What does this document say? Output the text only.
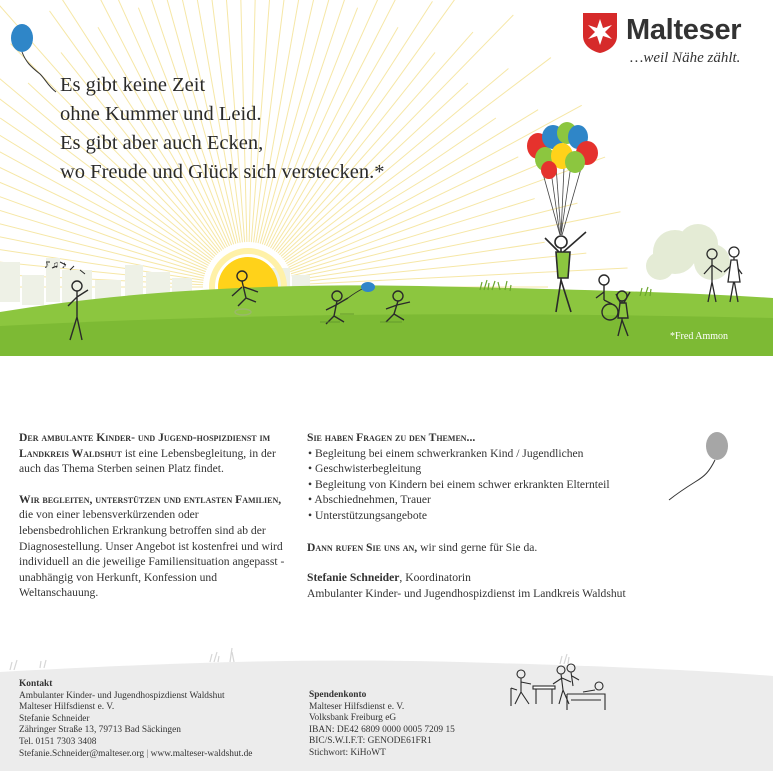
♪ ♫ ♪
Malteser
…weil Nähe zählt.
Es gibt keine Zeit
ohne Kummer und Leid.
Es gibt aber auch Ecken,
wo Freude und Glück sich verstecken.*
*Fred Ammon

Der ambulante Kinder- und Jugend-hospizdienst im Landkreis Waldshut ist eine Lebensbegleitung, in der auch das Thema Sterben seinen Platz findet.

Wir begleiten, unterstützen und entlasten Familien, die von einer lebensverkürzenden oder lebensbedrohlichen Erkrankung betroffen sind ab der Diagnosestellung. Unser Angebot ist kostenfrei und wird individuell an die jeweilige Familiensituation angepasst - unabhängig von Herkunft, Konfession und Weltanschauung.

Sie haben Fragen zu den Themen...
• Begleitung bei einem schwerkranken Kind / Jugendlichen
• Geschwisterbegleitung
• Begleitung von Kindern bei einem schwer erkrankten Elternteil
• Abschiednehmen, Trauer
• Unterstützungsangebote

Dann rufen Sie uns an, wir sind gerne für Sie da.

Stefanie Schneider, Koordinatorin
Ambulanter Kinder- und Jugendhospizdienst im Landkreis Waldshut
Kontakt
Ambulanter Kinder- und Jugendhospizdienst Waldshut
Malteser Hilfsdienst e. V.
Stefanie Schneider
Zähringer Straße 13, 79713 Bad Säckingen
Tel. 0151 7303 3408
Stefanie.Schneider@malteser.org | www.malteser-waldshut.de
Spendenkonto
Malteser Hilfsdienst e. V.
Volksbank Freiburg eG
IBAN: DE42 6809 0000 0005 7209 15
BIC/S.W.I.F.T: GENODE61FR1
Stichwort: KiHoWT
